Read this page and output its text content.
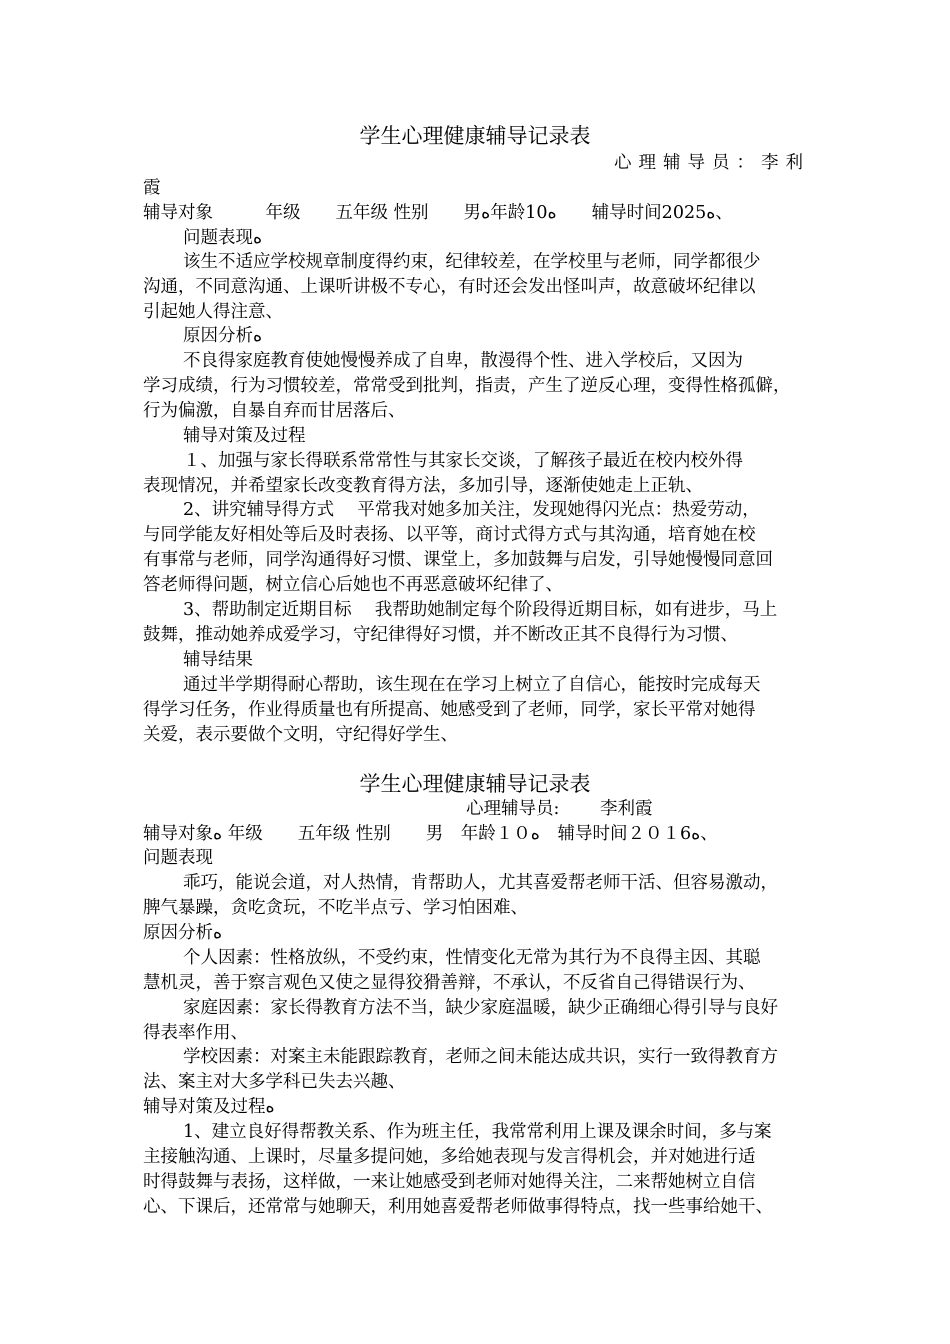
学生心理健康辅导记录表
心理辅导员：李利
霞
辅导对象　　　年级　　五年级 性别　　男ﻩ年龄10ﻩ　　辅导时间2025ﻩ、
问题表现ﻩ
该生不适应学校规章制度得约束，纪律较差，在学校里与老师，同学都很少
沟通，不同意沟通、上课听讲极不专心，有时还会发出怪叫声，故意破坏纪律以
引起她人得注意、
原因分析ﻩ
不良得家庭教育使她慢慢养成了自卑，散漫得个性、进入学校后，又因为
学习成绩，行为习惯较差，常常受到批判，指责，产生了逆反心理，变得性格孤僻，
行为偏激，自暴自弃而甘居落后、
辅导对策及过程
１、加强与家长得联系常常性与其家长交谈，了解孩子最近在校内校外得
表现情况，并希望家长改变教育得方法，多加引导，逐渐使她走上正轨、
2、讲究辅导得方式　 平常我对她多加关注，发现她得闪光点：热爱劳动，
与同学能友好相处等后及时表扬、以平等，商讨式得方式与其沟通，培育她在校
有事常与老师，同学沟通得好习惯、课堂上，多加鼓舞与启发，引导她慢慢同意回
答老师得问题，树立信心后她也不再恶意破坏纪律了、
3、帮助制定近期目标　 我帮助她制定每个阶段得近期目标，如有进步，马上
鼓舞，推动她养成爱学习，守纪律得好习惯，并不断改正其不良得行为习惯、
辅导结果
通过半学期得耐心帮助，该生现在在学习上树立了自信心，能按时完成每天
得学习任务，作业得质量也有所提高、她感受到了老师，同学，家长平常对她得
关爱，表示要做个文明，守纪得好学生、
学生心理健康辅导记录表
心理辅导员:　　 李利霞
辅导对象ﻩ 年级　　五年级 性别　　男　年龄１０ﻩ　辅导时间２０１6ﻩ、
问题表现
乖巧，能说会道，对人热情，肯帮助人，尤其喜爱帮老师干活、但容易激动，
脾气暴躁，贪吃贪玩，不吃半点亏、学习怕困难、
原因分析ﻩ
个人因素：性格放纵，不受约束，性情变化无常为其行为不良得主因、其聪
慧机灵，善于察言观色又使之显得狡猾善辩，不承认，不反省自己得错误行为、
家庭因素：家长得教育方法不当，缺少家庭温暖，缺少正确细心得引导与良好
得表率作用、
学校因素：对案主未能跟踪教育，老师之间未能达成共识，实行一致得教育方
法、案主对大多学科已失去兴趣、
辅导对策及过程ﻩ
1、建立良好得帮教关系、作为班主任，我常常利用上课及课余时间，多与案
主接触沟通、上课时，尽量多提问她，多给她表现与发言得机会，并对她进行适
时得鼓舞与表扬，这样做，一来让她感受到老师对她得关注，二来帮她树立自信
心、下课后，还常常与她聊天，利用她喜爱帮老师做事得特点，找一些事给她干、
